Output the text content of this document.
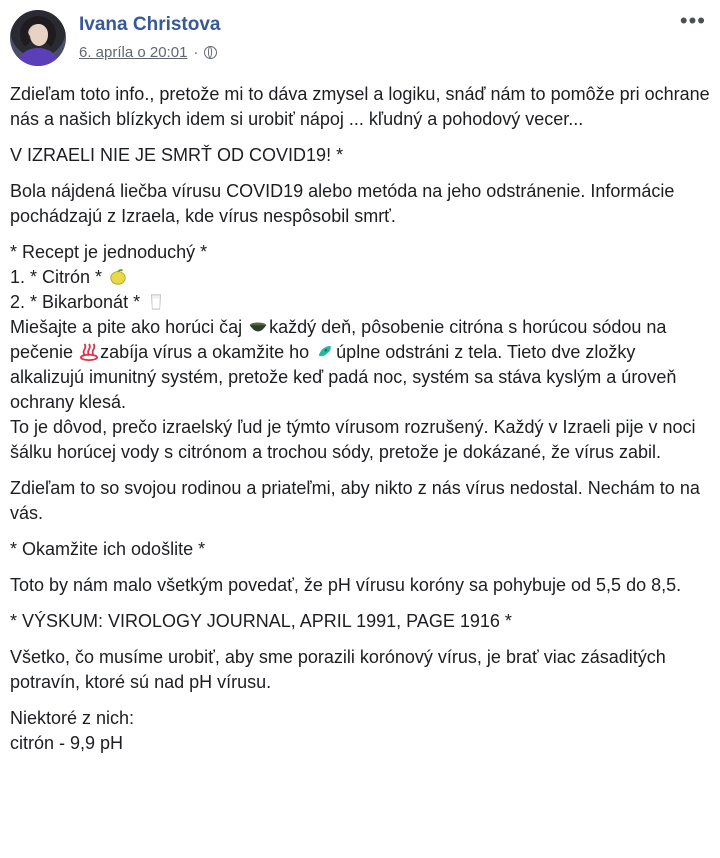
Ivana Christova
6. apríla o 20:01 ·
•••

Zdieľam toto info., pretože mi to dáva zmysel a logiku, snáď nám to pomôže pri ochrane nás a našich blízkych idem si urobiť nápoj ... kľudný a pohodový vecer...

V IZRAELI NIE JE SMRŤ OD COVID19! *

Bola nájdená liečba vírusu COVID19 alebo metóda na jeho odstránenie. Informácie pochádzajú z Izraela, kde vírus nespôsobil smrť.

* Recept je jednoduchý *
1. * Citrón *
2. * Bikarbonát *
Miešajte a pite ako horúci čaj každý deň, pôsobenie citróna s horúcou sódou na pečenie zabíja vírus a okamžite ho úplne odstráni z tela. Tieto dve zložky alkalizujú imunitný systém, pretože keď padá noc, systém sa stáva kyslým a úroveň ochrany klesá.
To je dôvod, prečo izraelský ľud je týmto vírusom rozrušený. Každý v Izraeli pije v noci šálku horúcej vody s citrónom a trochou sódy, pretože je dokázané, že vírus zabil.

Zdieľam to so svojou rodinou a priateľmi, aby nikto z nás vírus nedostal. Nechám to na vás.

* Okamžite ich odošlite *

Toto by nám malo všetkým povedať, že pH vírusu koróny sa pohybuje od 5,5 do 8,5.

* VÝSKUM: VIROLOGY JOURNAL, APRIL 1991, PAGE 1916 *

Všetko, čo musíme urobiť, aby sme porazili korónový vírus, je brať viac zásaditých potravín, ktoré sú nad pH vírusu.

Niektoré z nich:
citrón - 9,9 pH
